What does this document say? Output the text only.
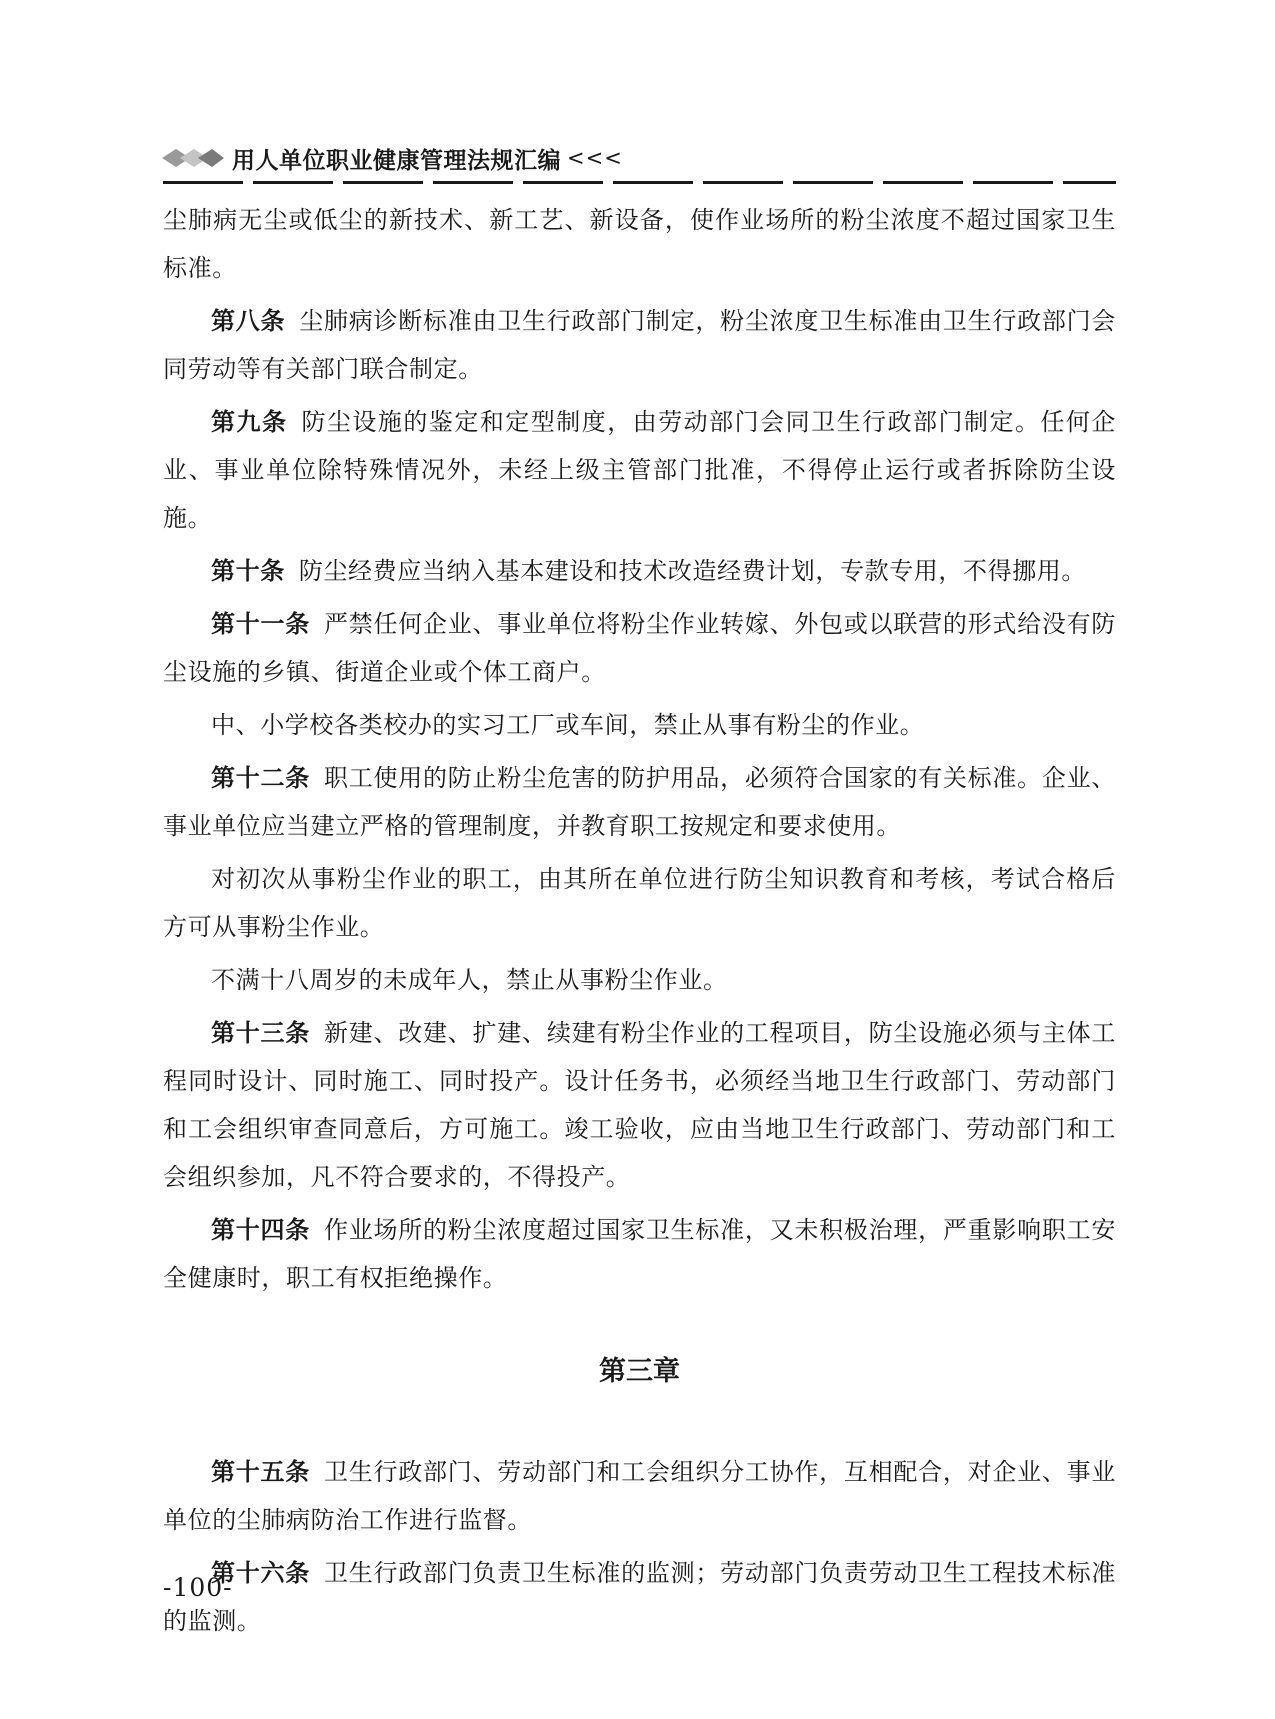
用人单位职业健康管理法规汇编 <<<

尘肺病无尘或低尘的新技术、新工艺、新设备，使作业场所的粉尘浓度不超过国家卫生标准。

第八条 尘肺病诊断标准由卫生行政部门制定，粉尘浓度卫生标准由卫生行政部门会同劳动等有关部门联合制定。

第九条 防尘设施的鉴定和定型制度，由劳动部门会同卫生行政部门制定。任何企业、事业单位除特殊情况外，未经上级主管部门批准，不得停止运行或者拆除防尘设施。

第十条 防尘经费应当纳入基本建设和技术改造经费计划，专款专用，不得挪用。

第十一条 严禁任何企业、事业单位将粉尘作业转嫁、外包或以联营的形式给没有防尘设施的乡镇、街道企业或个体工商户。

中、小学校各类校办的实习工厂或车间，禁止从事有粉尘的作业。

第十二条 职工使用的防止粉尘危害的防护用品，必须符合国家的有关标准。企业、事业单位应当建立严格的管理制度，并教育职工按规定和要求使用。

对初次从事粉尘作业的职工，由其所在单位进行防尘知识教育和考核，考试合格后方可从事粉尘作业。

不满十八周岁的未成年人，禁止从事粉尘作业。

第十三条 新建、改建、扩建、续建有粉尘作业的工程项目，防尘设施必须与主体工程同时设计、同时施工、同时投产。设计任务书，必须经当地卫生行政部门、劳动部门和工会组织审查同意后，方可施工。竣工验收，应由当地卫生行政部门、劳动部门和工会组织参加，凡不符合要求的，不得投产。

第十四条 作业场所的粉尘浓度超过国家卫生标准，又未积极治理，严重影响职工安全健康时，职工有权拒绝操作。

第三章

第十五条 卫生行政部门、劳动部门和工会组织分工协作，互相配合，对企业、事业单位的尘肺病防治工作进行监督。

第十六条 卫生行政部门负责卫生标准的监测；劳动部门负责劳动卫生工程技术标准的监测。

-100-
